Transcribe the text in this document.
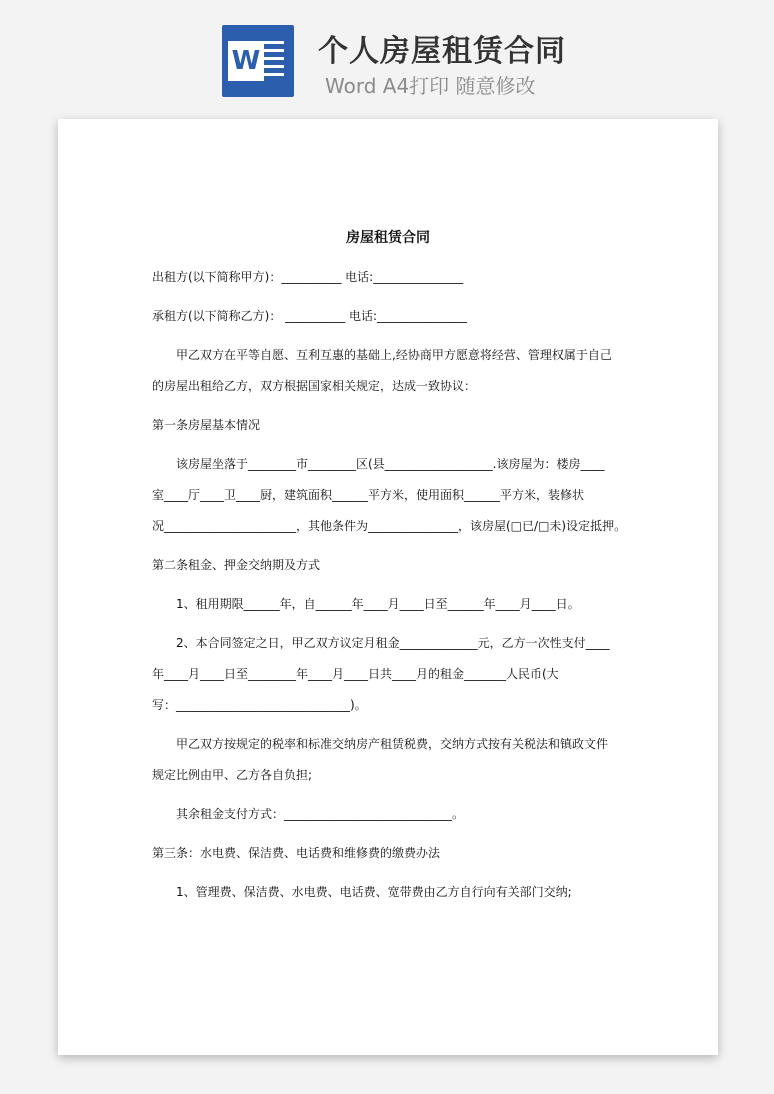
W 个人房屋租赁合同
Word A4打印 随意修改
房屋租赁合同
出租方(以下简称甲方)：__________ 电话:_______________
承租方(以下简称乙方)： __________ 电话:_______________
甲乙双方在平等自愿、互利互惠的基础上,经协商甲方愿意将经营、管理权属于自己
的房屋出租给乙方，双方根据国家相关规定，达成一致协议：
第一条房屋基本情况
该房屋坐落于________市________区(县__________________.该房屋为：楼房____
室____厅____卫____厨，建筑面积______平方米，使用面积______平方米，装修状
况______________________，其他条件为_______________，该房屋(□已/□未)设定抵押。
第二条租金、押金交纳期及方式
1、租用期限______年，自______年____月____日至______年____月____日。
2、本合同签定之日，甲乙双方议定月租金_____________元，乙方一次性支付____
年____月____日至________年____月____日共____月的租金_______人民币(大
写：_____________________________)。
甲乙双方按规定的税率和标准交纳房产租赁税费，交纳方式按有关税法和镇政文件
规定比例由甲、乙方各自负担;
其余租金支付方式：____________________________。
第三条：水电费、保洁费、电话费和维修费的缴费办法
1、管理费、保洁费、水电费、电话费、宽带费由乙方自行向有关部门交纳;
